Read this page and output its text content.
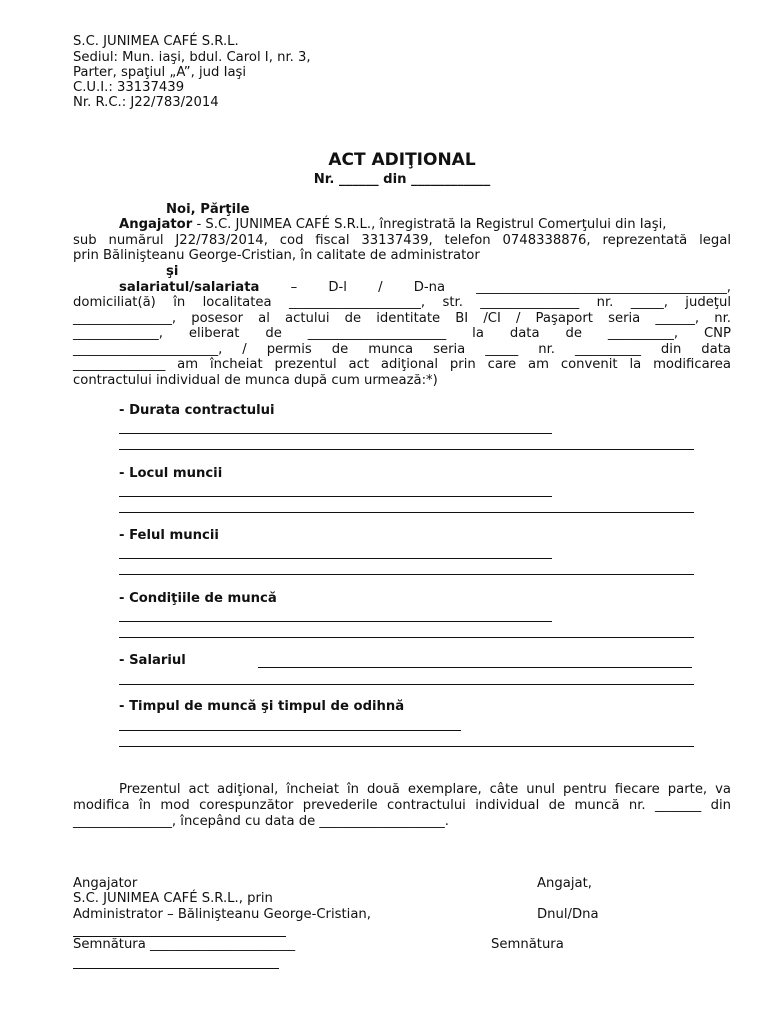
S.C. JUNIMEA CAFÉ S.R.L.
Sediul: Mun. iaşi, bdul. Carol I, nr. 3,
Parter, spaţiul „A”, jud Iaşi
C.U.I.: 33137439
Nr. R.C.: J22/783/2014
ACT ADIŢIONAL
Nr. ______ din ____________
Noi, Părţile
Angajator - S.C. JUNIMEA CAFÉ S.R.L., înregistrată la Registrul Comerţului din Iaşi,
sub numărul J22/783/2014, cod fiscal 33137439, telefon 0748338876, reprezentată legal
prin Bălinişteanu George-Cristian, în calitate de administrator
şi
salariatul/salariata – D-l / D-na ______________________________________,
domiciliat(ă) în localitatea ____________________, str. _______________ nr. _____, judeţul
_______________, posesor al actului de identitate BI /CI / Paşaport seria ______, nr.
_____________, eliberat de _____________________ la data de __________, CNP
______________________, / permis de munca seria _____ nr. __________ din data
______________ am încheiat prezentul act adiţional prin care am convenit la modificarea
contractului individual de munca după cum urmează:*)
- Durata contractului
- Locul muncii
- Felul muncii
- Condiţiile de muncă
- Salariul
- Timpul de muncă şi timpul de odihnă
Prezentul act adiţional, încheiat în două exemplare, câte unul pentru fiecare parte, va
modifica în mod corespunzător prevederile contractului individual de muncă nr. _______ din
_______________, începând cu data de ___________________.
Angajator
S.C. JUNIMEA CAFÉ S.R.L., prin
Administrator – Bălinişteanu George-Cristian,
Semnătura ______________________
Angajat,
Dnul/Dna
Semnătura
